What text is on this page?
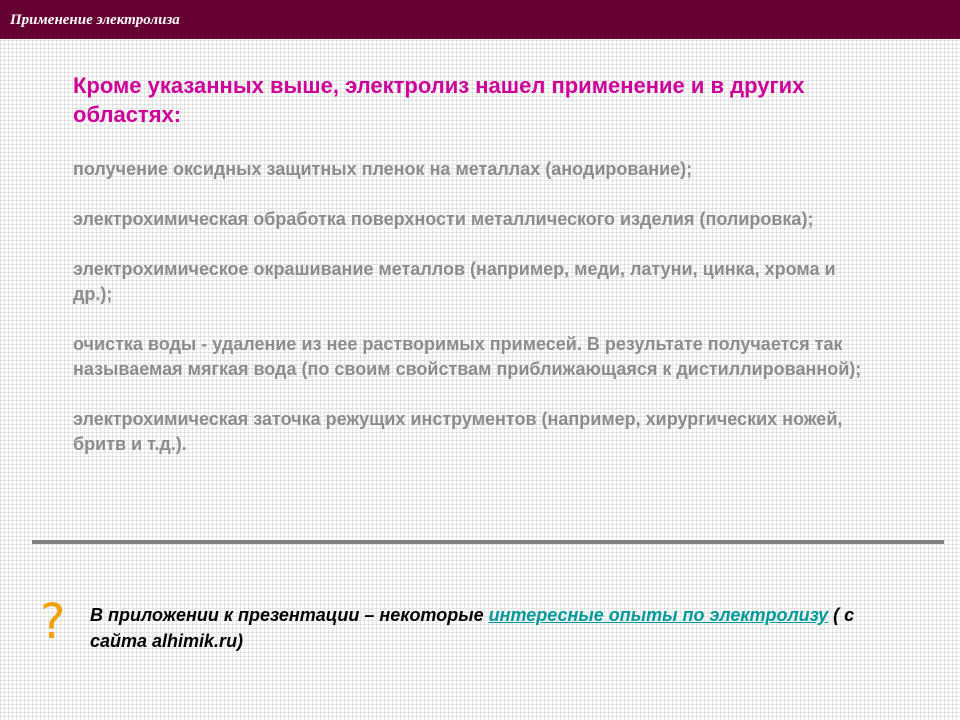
Применение электролиза
Кроме указанных выше, электролиз нашел применение и в других областях:

получение оксидных защитных пленок на металлах (анодирование);

электрохимическая обработка поверхности металлического изделия (полировка);

электрохимическое окрашивание металлов (например, меди, латуни, цинка, хрома и др.);

очистка воды - удаление из нее растворимых примесей. В результате получается так называемая мягкая вода (по своим свойствам приближающаяся к дистиллированной);

электрохимическая заточка режущих инструментов (например, хирургических ножей, бритв и т.д.).

? В приложении к презентации – некоторые интересные опыты по электролизу ( с сайта alhimik.ru)
